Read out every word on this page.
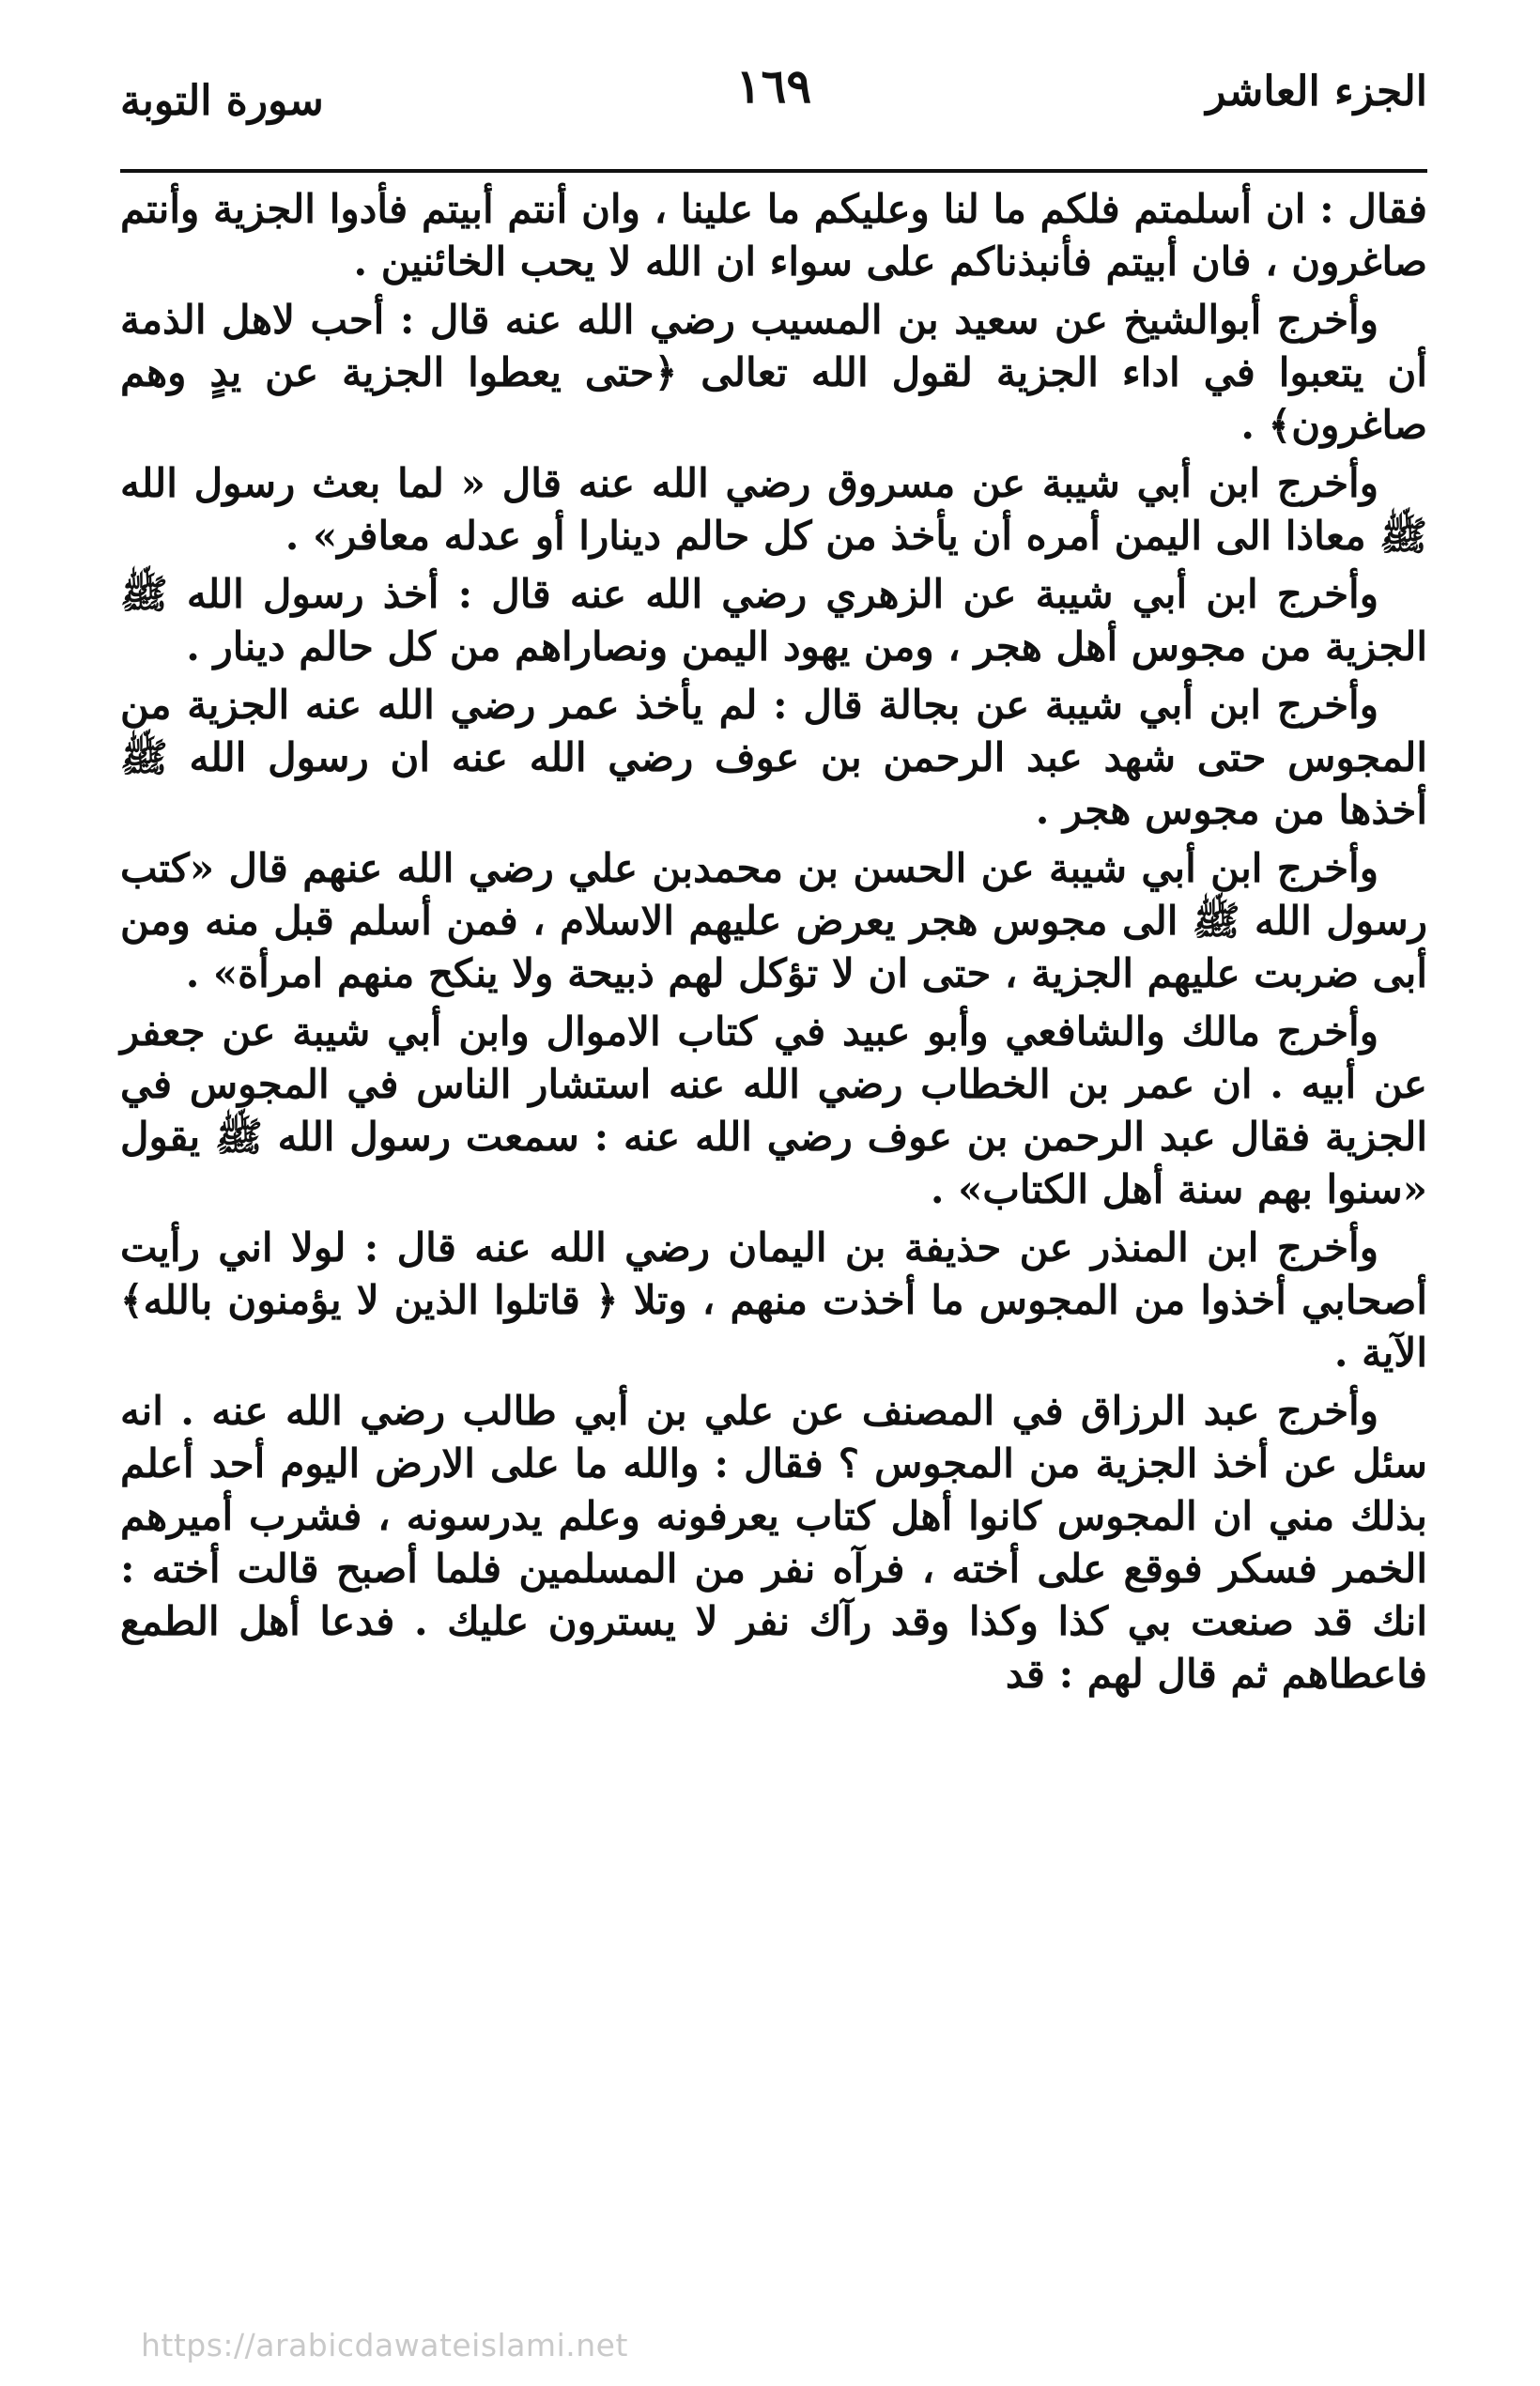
الجزء العاشر
١٦٩
سورة التوبة

فقال : ان أسلمتم فلكم ما لنا وعليكم ما علينا ، وان أنتم أبيتم فأدوا الجزية وأنتم صاغرون ، فان أبيتم فأنبذناكم على سواء ان الله لا يحب الخائنين .

وأخرج أبوالشيخ عن سعيد بن المسيب رضي الله عنه قال : أحب لاهل الذمة أن يتعبوا في اداء الجزية لقول الله تعالى ﴿حتى يعطوا الجزية عن يدٍ وهم صاغرون﴾ .

وأخرج ابن أبي شيبة عن مسروق رضي الله عنه قال « لما بعث رسول الله ﷺ معاذا الى اليمن أمره أن يأخذ من كل حالم دينارا أو عدله معافر» .

وأخرج ابن أبي شيبة عن الزهري رضي الله عنه قال : أخذ رسول الله ﷺ الجزية من مجوس أهل هجر ، ومن يهود اليمن ونصاراهم من كل حالم دينار .

وأخرج ابن أبي شيبة عن بجالة قال : لم يأخذ عمر رضي الله عنه الجزية من المجوس حتى شهد عبد الرحمن بن عوف رضي الله عنه ان رسول الله ﷺ أخذها من مجوس هجر .

وأخرج ابن أبي شيبة عن الحسن بن محمدبن علي رضي الله عنهم قال «كتب رسول الله ﷺ الى مجوس هجر يعرض عليهم الاسلام ، فمن أسلم قبل منه ومن أبى ضربت عليهم الجزية ، حتى ان لا تؤكل لهم ذبيحة ولا ينكح منهم امرأة» .

وأخرج مالك والشافعي وأبو عبيد في كتاب الاموال وابن أبي شيبة عن جعفر عن أبيه . ان عمر بن الخطاب رضي الله عنه استشار الناس في المجوس في الجزية فقال عبد الرحمن بن عوف رضي الله عنه : سمعت رسول الله ﷺ يقول «سنوا بهم سنة أهل الكتاب» .

وأخرج ابن المنذر عن حذيفة بن اليمان رضي الله عنه قال : لولا اني رأيت أصحابي أخذوا من المجوس ما أخذت منهم ، وتلا ﴿ قاتلوا الذين لا يؤمنون بالله﴾ الآية .

وأخرج عبد الرزاق في المصنف عن علي بن أبي طالب رضي الله عنه . انه سئل عن أخذ الجزية من المجوس ؟ فقال : والله ما على الارض اليوم أحد أعلم بذلك مني ان المجوس كانوا أهل كتاب يعرفونه وعلم يدرسونه ، فشرب أميرهم الخمر فسكر فوقع على أخته ، فرآه نفر من المسلمين فلما أصبح قالت أخته : انك قد صنعت بي كذا وكذا وقد رآك نفر لا يسترون عليك . فدعا أهل الطمع فاعطاهم ثم قال لهم : قد

https://arabicdawateislami.net
